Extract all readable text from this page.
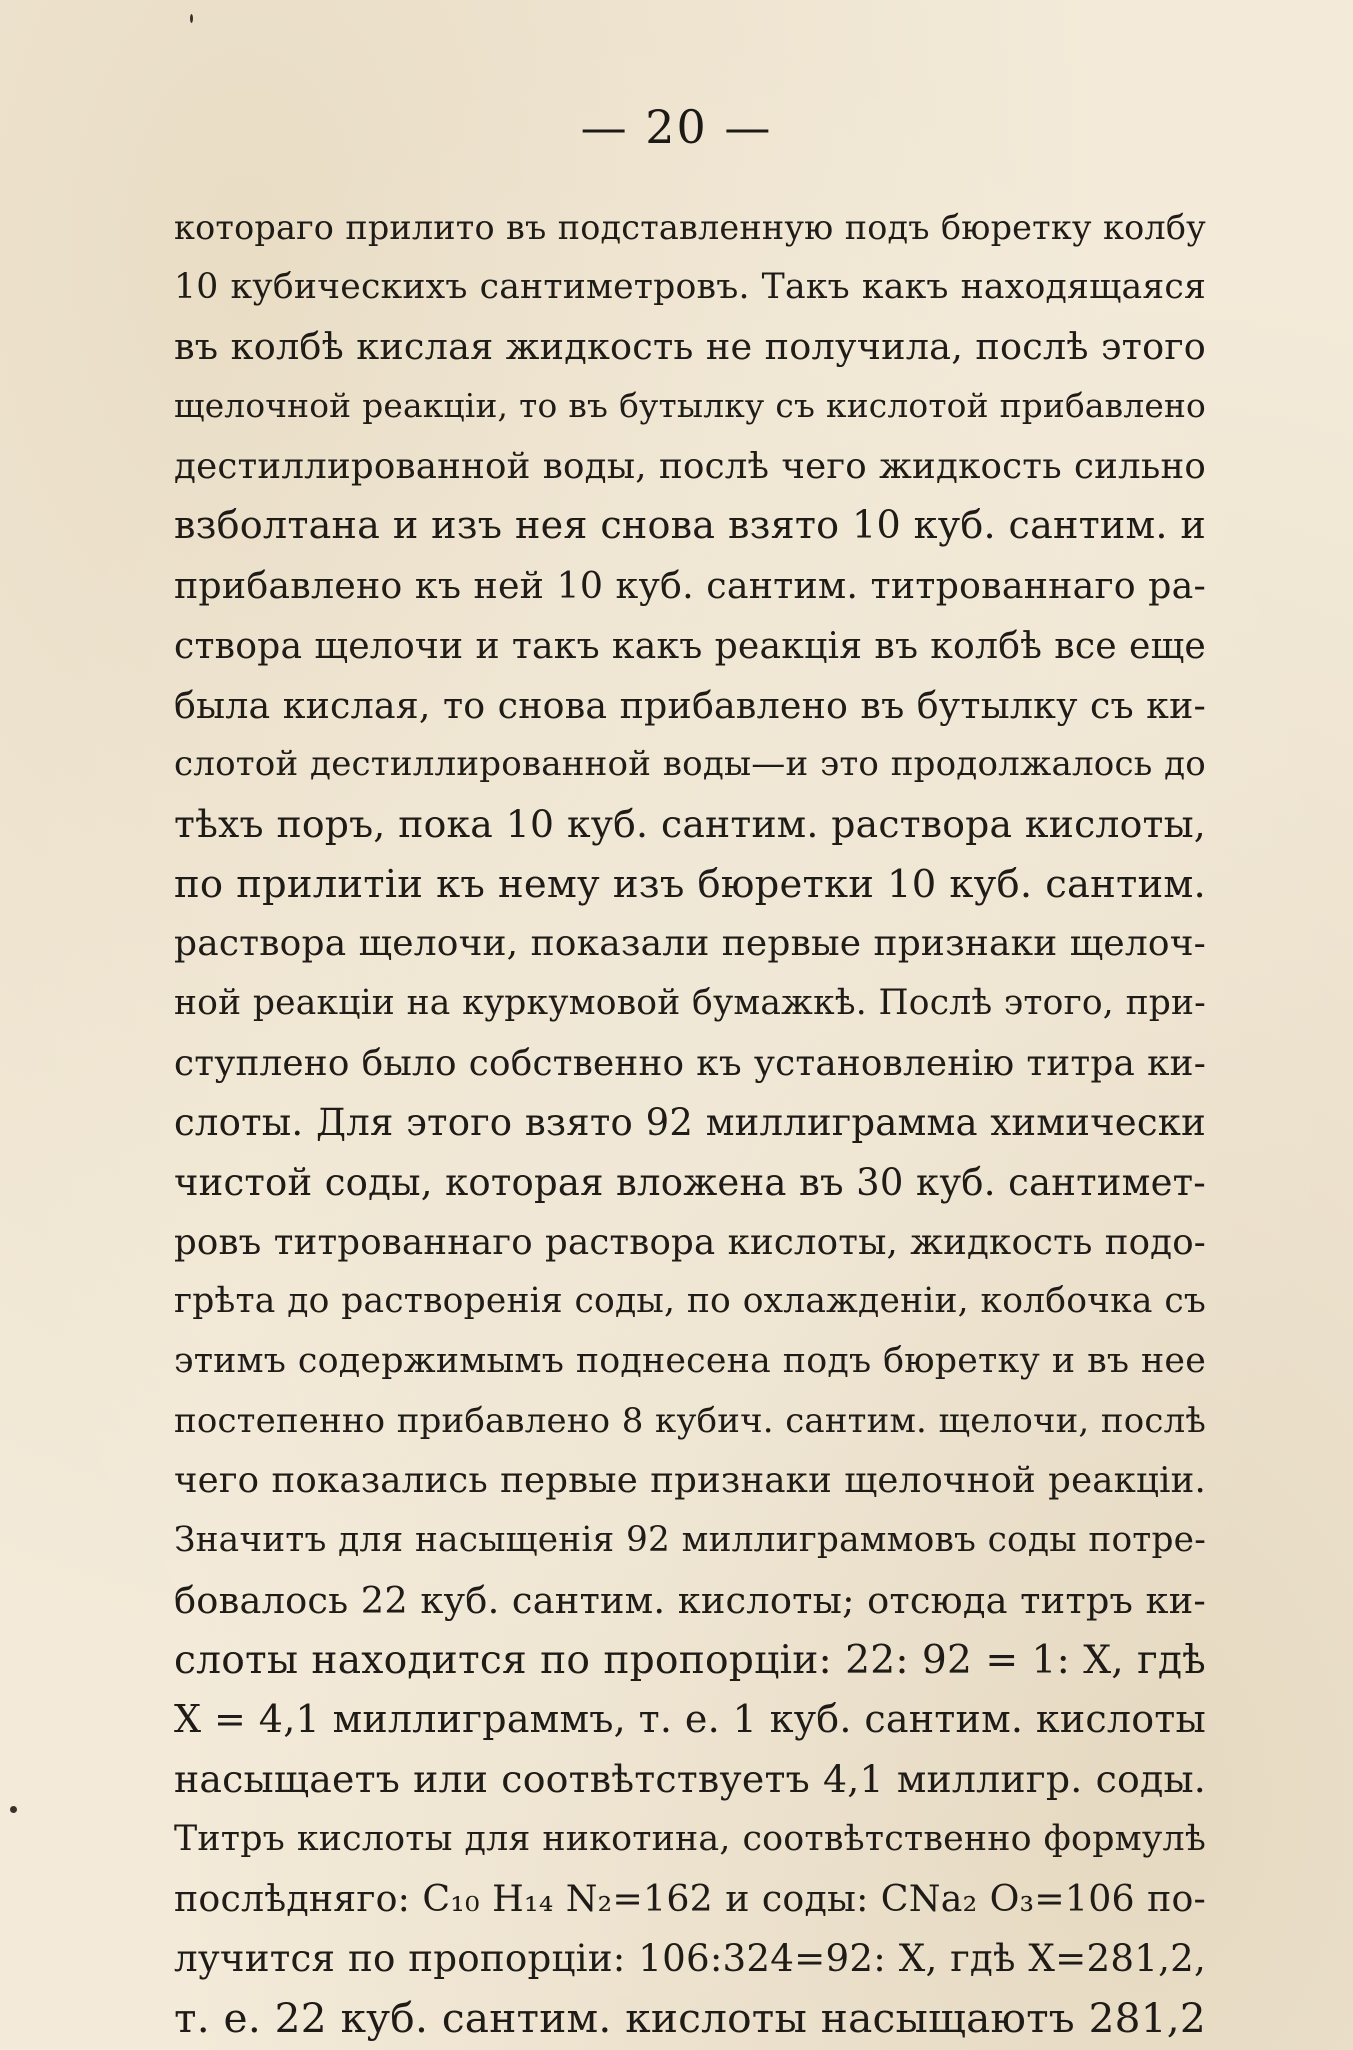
— 20 —
котораго прилито въ подставленную подъ бюретку колбу
10 кубическихъ сантиметровъ. Такъ какъ находящаяся
въ колбѣ кислая жидкость не получила, послѣ этого
щелочной реакціи, то въ бутылку съ кислотой прибавлено
дестиллированной воды, послѣ чего жидкость сильно
взболтана и изъ нея снова взято 10 куб. сантим. и
прибавлено къ ней 10 куб. сантим. титрованнаго ра-
створа щелочи и такъ какъ реакція въ колбѣ все еще
была кислая, то снова прибавлено въ бутылку съ ки-
слотой дестиллированной воды—и это продолжалось до
тѣхъ поръ, пока 10 куб. сантим. раствора кислоты,
по прилитіи къ нему изъ бюретки 10 куб. сантим.
раствора щелочи, показали первые признаки щелоч-
ной реакціи на куркумовой бумажкѣ. Послѣ этого, при-
ступлено было собственно къ установленію титра ки-
слоты. Для этого взято 92 миллиграмма химически
чистой соды, которая вложена въ 30 куб. сантимет-
ровъ титрованнаго раствора кислоты, жидкость подо-
грѣта до растворенія соды, по охлажденіи, колбочка съ
этимъ содержимымъ поднесена подъ бюретку и въ нее
постепенно прибавлено 8 кубич. сантим. щелочи, послѣ
чего показались первые признаки щелочной реакціи.
Значитъ для насыщенія 92 миллиграммовъ соды потре-
бовалось 22 куб. сантим. кислоты; отсюда титръ ки-
слоты находится по пропорціи: 22: 92 = 1: X, гдѣ
X = 4,1 миллиграммъ, т. е. 1 куб. сантим. кислоты
насыщаетъ или соотвѣтствуетъ 4,1 миллигр. соды.
Титръ кислоты для никотина, соотвѣтственно формулѣ
послѣдняго: C₁₀ H₁₄ N₂=162 и соды: CNa₂ O₃=106 по-
лучится по пропорціи: 106:324=92: X, гдѣ X=281,2,
т. е. 22 куб. сантим. кислоты насыщаютъ 281,2
